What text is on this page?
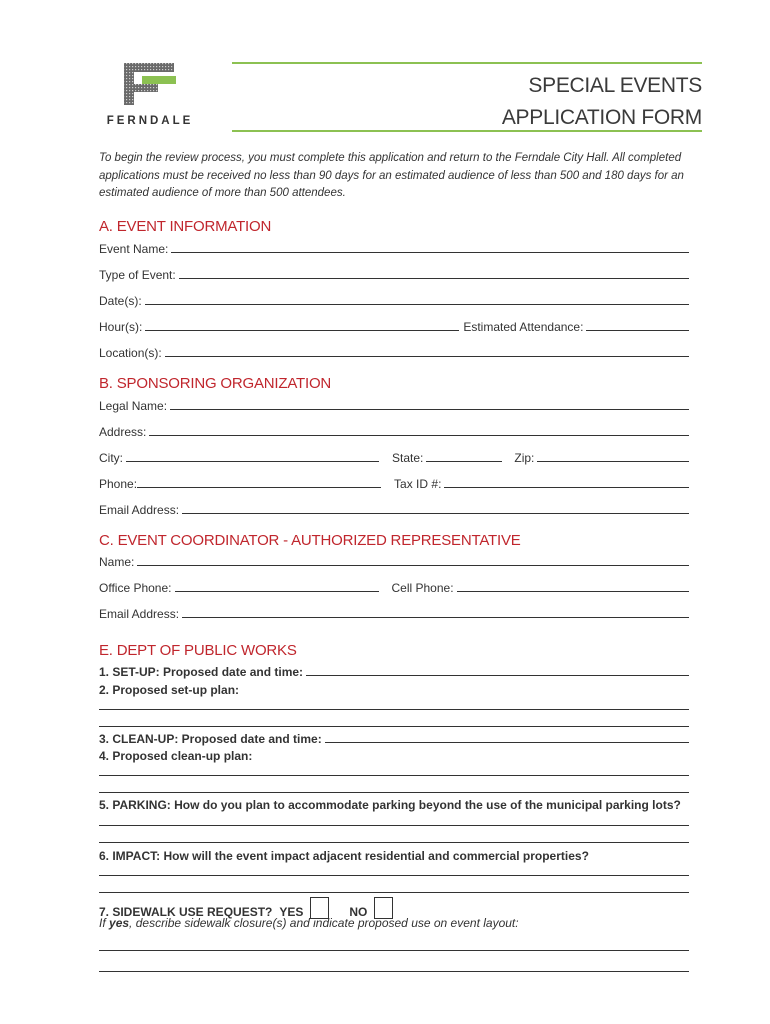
FERNDALE
SPECIAL EVENTS
APPLICATION FORM
To begin the review process, you must complete this application and return to the Ferndale City Hall. All completed applications must be received no less than 90 days for an estimated audience of less than 500 and 180 days for an estimated audience of more than 500 attendees.
A. EVENT INFORMATION
Event Name:
Type of Event:
Date(s):
Hour(s):	Estimated Attendance:
Location(s):
B. SPONSORING ORGANIZATION
Legal Name:
Address:
City:	State:	Zip:
Phone:	Tax ID #:
Email Address:
C. EVENT COORDINATOR - AUTHORIZED REPRESENTATIVE
Name:
Office Phone:	Cell Phone:
Email Address:
E. DEPT OF PUBLIC WORKS
1. SET-UP: Proposed date and time:
2. Proposed set-up plan:
3. CLEAN-UP: Proposed date and time:
4. Proposed clean-up plan:
5. PARKING: How do you plan to accommodate parking beyond the use of the municipal parking lots?
6. IMPACT: How will the event impact adjacent residential and commercial properties?
7. SIDEWALK USE REQUEST? YES	NO
If yes, describe sidewalk closure(s) and indicate proposed use on event layout:
